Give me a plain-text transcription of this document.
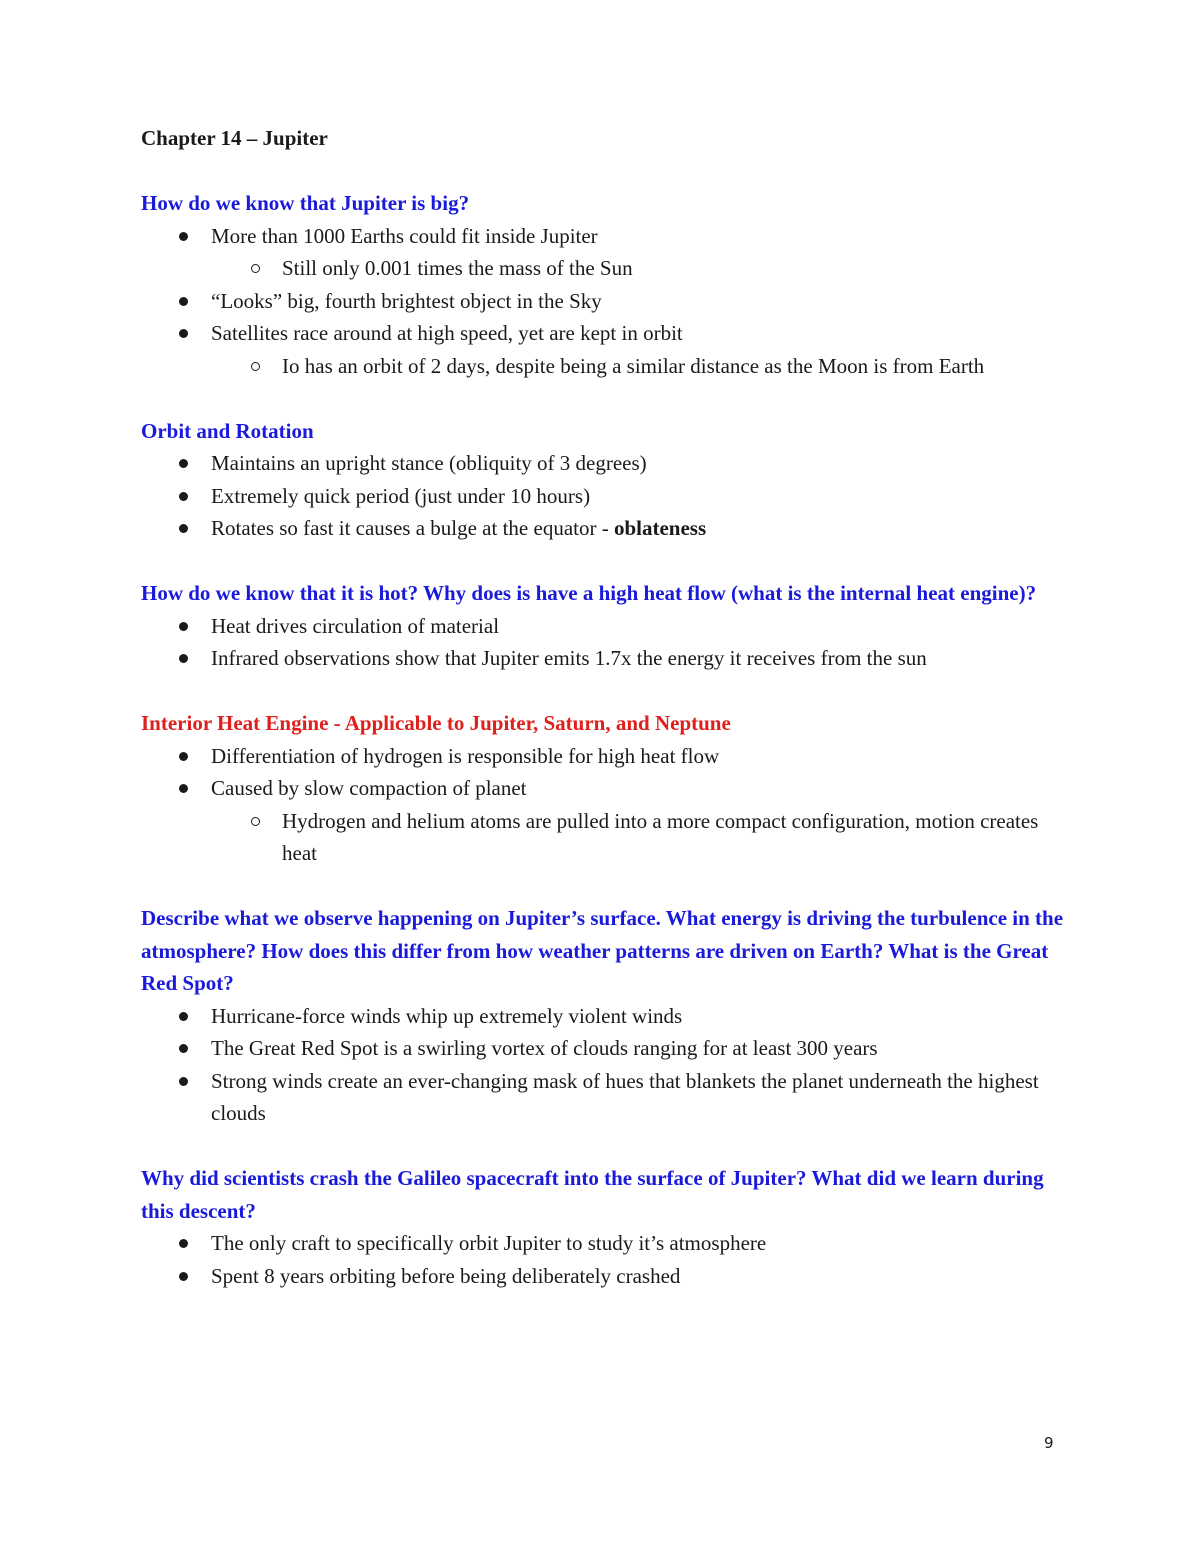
Chapter 14 – Jupiter
How do we know that Jupiter is big?
More than 1000 Earths could fit inside Jupiter
Still only 0.001 times the mass of the Sun
“Looks” big, fourth brightest object in the Sky
Satellites race around at high speed, yet are kept in orbit
Io has an orbit of 2 days, despite being a similar distance as the Moon is from Earth
Orbit and Rotation
Maintains an upright stance (obliquity of 3 degrees)
Extremely quick period (just under 10 hours)
Rotates so fast it causes a bulge at the equator - oblateness
How do we know that it is hot? Why does is have a high heat flow (what is the internal heat engine)?
Heat drives circulation of material
Infrared observations show that Jupiter emits 1.7x the energy it receives from the sun
Interior Heat Engine - Applicable to Jupiter, Saturn, and Neptune
Differentiation of hydrogen is responsible for high heat flow
Caused by slow compaction of planet
Hydrogen and helium atoms are pulled into a more compact configuration, motion creates heat
Describe what we observe happening on Jupiter’s surface. What energy is driving the turbulence in the atmosphere? How does this differ from how weather patterns are driven on Earth? What is the Great Red Spot?
Hurricane-force winds whip up extremely violent winds
The Great Red Spot is a swirling vortex of clouds ranging for at least 300 years
Strong winds create an ever-changing mask of hues that blankets the planet underneath the highest clouds
Why did scientists crash the Galileo spacecraft into the surface of Jupiter? What did we learn during this descent?
The only craft to specifically orbit Jupiter to study it’s atmosphere
Spent 8 years orbiting before being deliberately crashed
9
